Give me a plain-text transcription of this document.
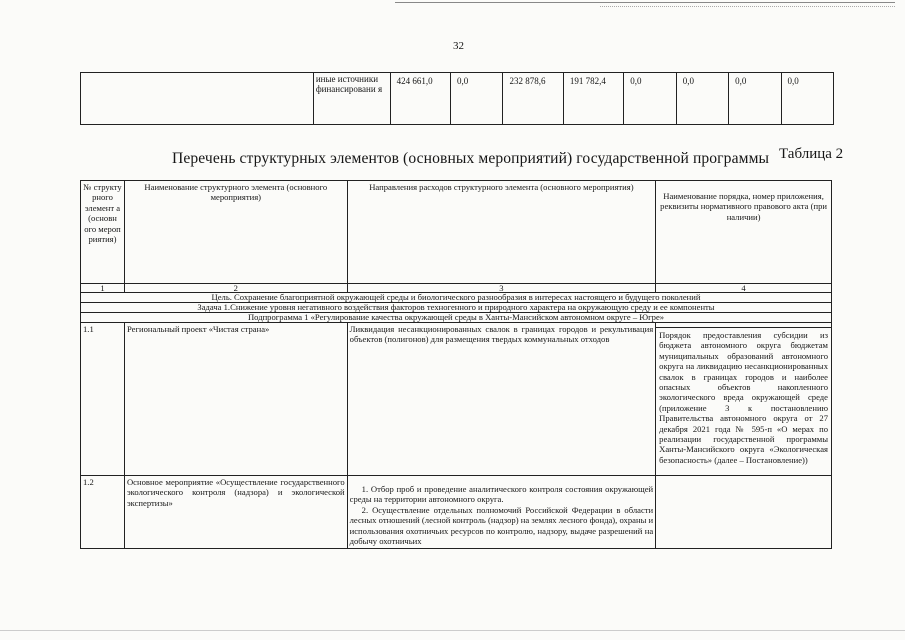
32
	иные источники финансировани я	424 661,0	0,0	232 878,6	191 782,4	0,0	0,0	0,0	0,0
Перечень структурных элементов (основных мероприятий) государственной программы Таблица 2
№ структу рного элемент а (основн ого мероп риятия)	Наименование структурного элемента (основного мероприятия)	Направления расходов структурного элемента (основного мероприятия)	Наименование порядка, номер приложения, реквизиты нормативного правового акта (при наличии)
1	2	3	4
Цель. Сохранение благоприятной окружающей среды и биологического разнообразия в интересах настоящего и будущего поколений			
Задача 1.Снижение уровня негативного воздействия факторов техногенного и природного характера на окружающую среду и ее компоненты			
Подпрограмма 1 «Регулирование качества окружающей среды в Ханты-Мансийском автономном округе – Югре»			
1.1	Региональный проект «Чистая страна»	Ликвидация несанкционированных свалок в границах городов и рекультивация объектов (полигонов) для размещения твердых коммунальных отходов	Порядок предоставления субсидии из бюджета автономного округа бюджетам муниципальных образований автономного округа на ликвидацию несанкционированных свалок в границах городов и наиболее опасных объектов накопленного экологического вреда окружающей среде (приложение 3 к постановлению Правительства автономного округа от 27 декабря 2021 года № 595-п «О мерах по реализации государственной программы Ханты-Мансийского округа «Экологическая безопасность» (далее – Постановление))

1.2	Основное мероприятие «Осуществление государственного экологического контроля (надзора) и экологической экспертизы»	1. Отбор проб и проведение аналитического контроля состояния окружающей среды на территории автономного округа.
2. Осуществление отдельных полномочий Российской Федерации в области лесных отношений (лесной контроль (надзор) на землях лесного фонда), охраны и использования охотничьих ресурсов по контролю, надзору, выдаче разрешений на добычу охотничьих	
